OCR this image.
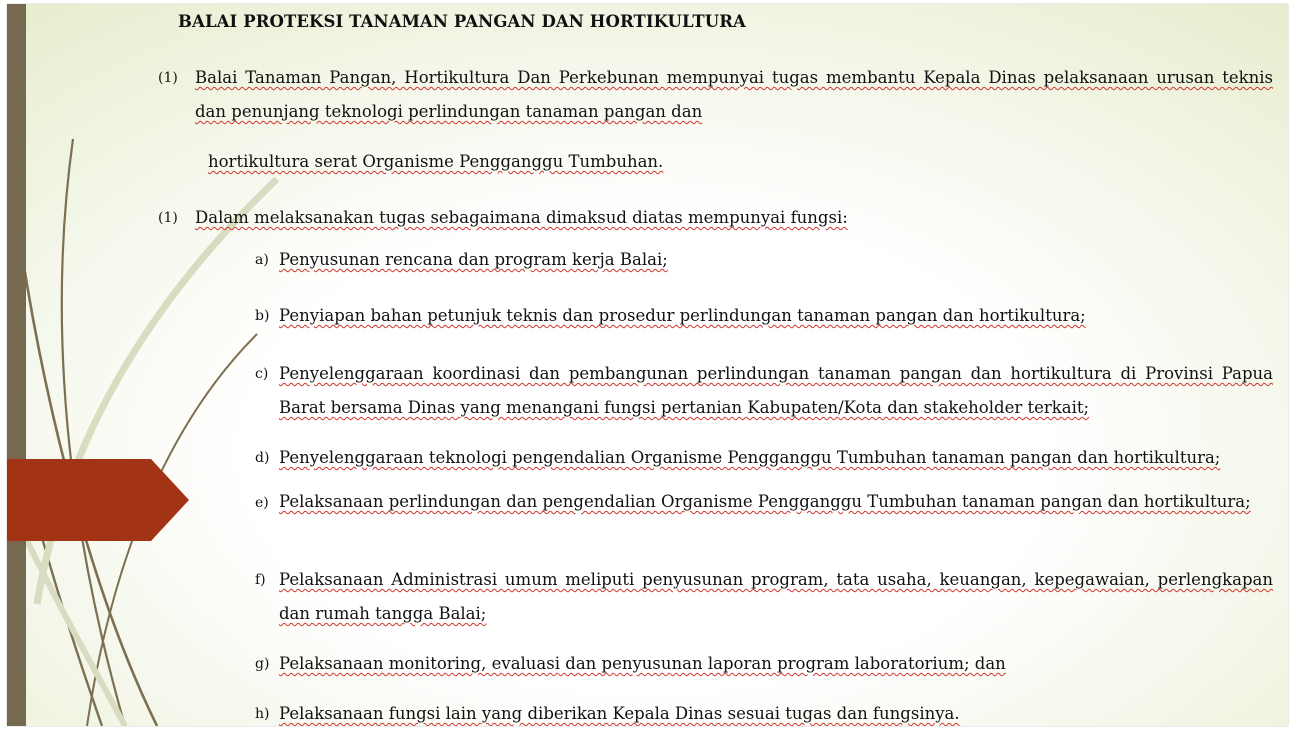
BALAI PROTEKSI TANAMAN PANGAN DAN HORTIKULTURA
(1) Balai Tanaman Pangan, Hortikultura Dan Perkebunan mempunyai tugas membantu Kepala Dinas pelaksanaan urusan teknis dan penunjang teknologi perlindungan tanaman pangan dan
hortikultura serat Organisme Pengganggu Tumbuhan.
(1) Dalam melaksanakan tugas sebagaimana dimaksud diatas mempunyai fungsi:
a) Penyusunan rencana dan program kerja Balai;
b) Penyiapan bahan petunjuk teknis dan prosedur perlindungan tanaman pangan dan hortikultura;
c) Penyelenggaraan koordinasi dan pembangunan perlindungan tanaman pangan dan hortikultura di Provinsi Papua Barat bersama Dinas yang menangani fungsi pertanian Kabupaten/Kota dan stakeholder terkait;
d) Penyelenggaraan teknologi pengendalian Organisme Pengganggu Tumbuhan tanaman pangan dan hortikultura;
e) Pelaksanaan perlindungan dan pengendalian Organisme Pengganggu Tumbuhan tanaman pangan dan hortikultura;
f) Pelaksanaan Administrasi umum meliputi penyusunan program, tata usaha, keuangan, kepegawaian, perlengkapan dan rumah tangga Balai;
g) Pelaksanaan monitoring, evaluasi dan penyusunan laporan program laboratorium; dan
h) Pelaksanaan fungsi lain yang diberikan Kepala Dinas sesuai tugas dan fungsinya.
